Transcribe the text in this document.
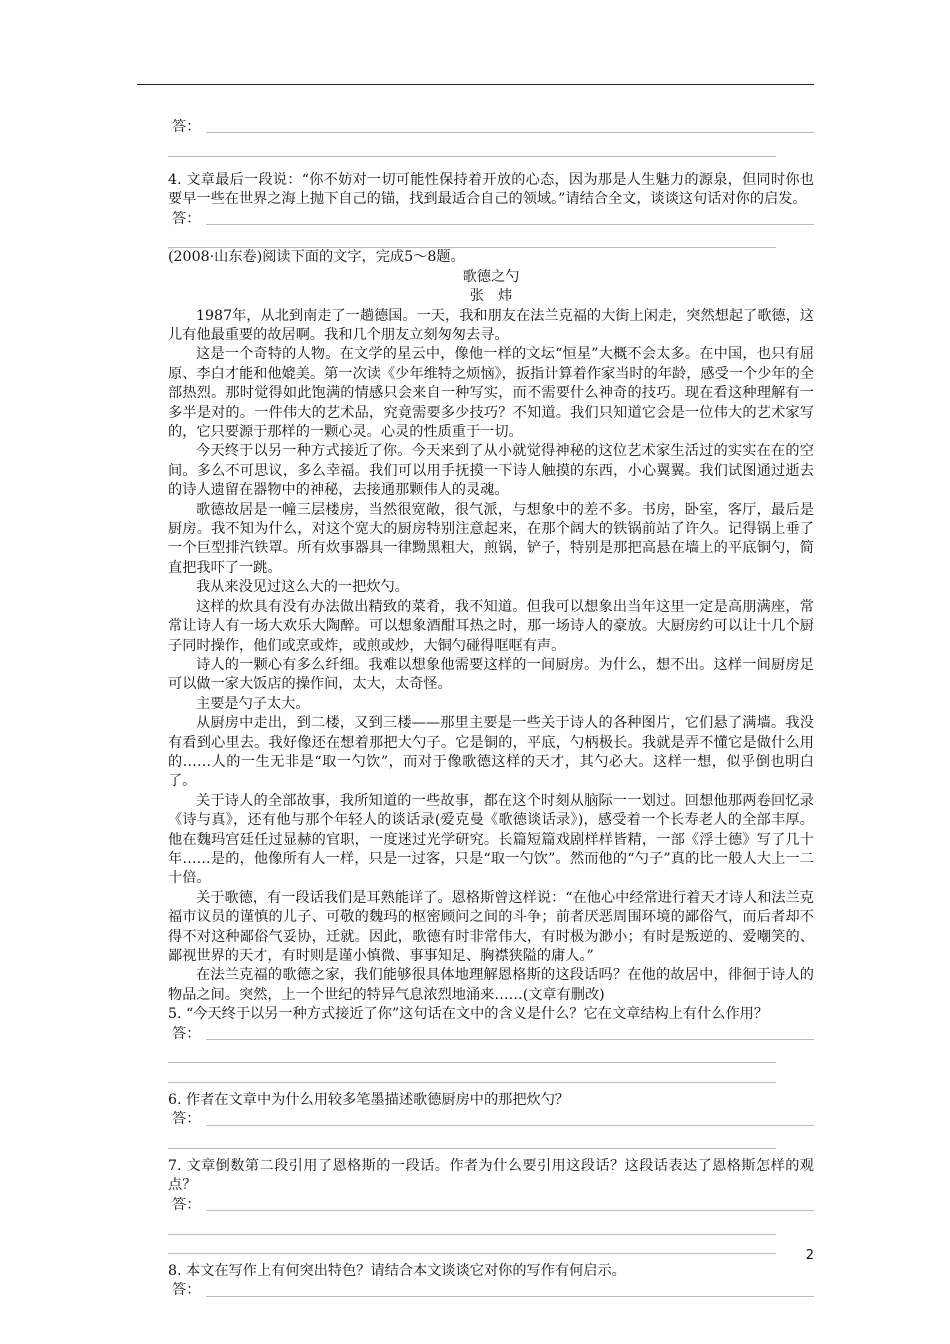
答：

4. 文章最后一段说：“你不妨对一切可能性保持着开放的心态，因为那是人生魅力的源泉，但同时你也要早一些在世界之海上抛下自己的锚，找到最适合自己的领域。”请结合全文，谈谈这句话对你的启发。

答：

(2008·山东卷)阅读下面的文字，完成5～8题。

歌德之勺

张　炜

1987年，从北到南走了一趟德国。一天，我和朋友在法兰克福的大街上闲走，突然想起了歌德，这儿有他最重要的故居啊。我和几个朋友立刻匆匆去寻。

这是一个奇特的人物。在文学的星云中，像他一样的文坛“恒星”大概不会太多。在中国，也只有屈原、李白才能和他媲美。第一次读《少年维特之烦恼》，扳指计算着作家当时的年龄，感受一个少年的全部热烈。那时觉得如此饱满的情感只会来自一种写实，而不需要什么神奇的技巧。现在看这种理解有一多半是对的。一件伟大的艺术品，究竟需要多少技巧？不知道。我们只知道它会是一位伟大的艺术家写的，它只要源于那样的一颗心灵。心灵的性质重于一切。

今天终于以另一种方式接近了你。今天来到了从小就觉得神秘的这位艺术家生活过的实实在在的空间。多么不可思议，多么幸福。我们可以用手抚摸一下诗人触摸的东西，小心翼翼。我们试图通过逝去的诗人遗留在器物中的神秘，去接通那颗伟人的灵魂。

歌德故居是一幢三层楼房，当然很宽敞，很气派，与想象中的差不多。书房，卧室，客厅，最后是厨房。我不知为什么，对这个宽大的厨房特别注意起来，在那个阔大的铁锅前站了许久。记得锅上垂了一个巨型排汽铁罩。所有炊事器具一律黝黑粗大，煎锅，铲子，特别是那把高悬在墙上的平底铜勺，简直把我吓了一跳。

我从来没见过这么大的一把炊勺。

这样的炊具有没有办法做出精致的菜肴，我不知道。但我可以想象出当年这里一定是高朋满座，常常让诗人有一场大欢乐大陶醉。可以想象酒酣耳热之时，那一场诗人的豪放。大厨房约可以让十几个厨子同时操作，他们或烹或炸，或煎或炒，大铜勺碰得哐哐有声。

诗人的一颗心有多么纤细。我难以想象他需要这样的一间厨房。为什么，想不出。这样一间厨房足可以做一家大饭店的操作间，太大，太奇怪。

主要是勺子太大。

从厨房中走出，到二楼，又到三楼——那里主要是一些关于诗人的各种图片，它们悬了满墙。我没有看到心里去。我好像还在想着那把大勺子。它是铜的，平底，勺柄极长。我就是弄不懂它是做什么用的……人的一生无非是“取一勺饮”，而对于像歌德这样的天才，其勺必大。这样一想，似乎倒也明白了。

关于诗人的全部故事，我所知道的一些故事，都在这个时刻从脑际一一划过。回想他那两卷回忆录《诗与真》，还有他与那个年轻人的谈话录(爱克曼《歌德谈话录》)，感受着一个长寿老人的全部丰厚。他在魏玛宫廷任过显赫的官职，一度迷过光学研究。长篇短篇戏剧样样皆精，一部《浮士德》写了几十年……是的，他像所有人一样，只是一过客，只是“取一勺饮”。然而他的“勺子”真的比一般人大上一二十倍。

关于歌德，有一段话我们是耳熟能详了。恩格斯曾这样说：“在他心中经常进行着天才诗人和法兰克福市议员的谨慎的儿子、可敬的魏玛的枢密顾问之间的斗争；前者厌恶周围环境的鄙俗气，而后者却不得不对这种鄙俗气妥协，迁就。因此，歌德有时非常伟大，有时极为渺小；有时是叛逆的、爱嘲笑的、鄙视世界的天才，有时则是谨小慎微、事事知足、胸襟狭隘的庸人。”

在法兰克福的歌德之家，我们能够很具体地理解恩格斯的这段话吗？在他的故居中，徘徊于诗人的物品之间。突然，上一个世纪的特异气息浓烈地涌来……(文章有删改)

5. “今天终于以另一种方式接近了你”这句话在文中的含义是什么？它在文章结构上有什么作用？

答：

6. 作者在文章中为什么用较多笔墨描述歌德厨房中的那把炊勺？

答：

7. 文章倒数第二段引用了恩格斯的一段话。作者为什么要引用这段话？这段话表达了恩格斯怎样的观点？

答：

8. 本文在写作上有何突出特色？请结合本文谈谈它对你的写作有何启示。

答：
2
